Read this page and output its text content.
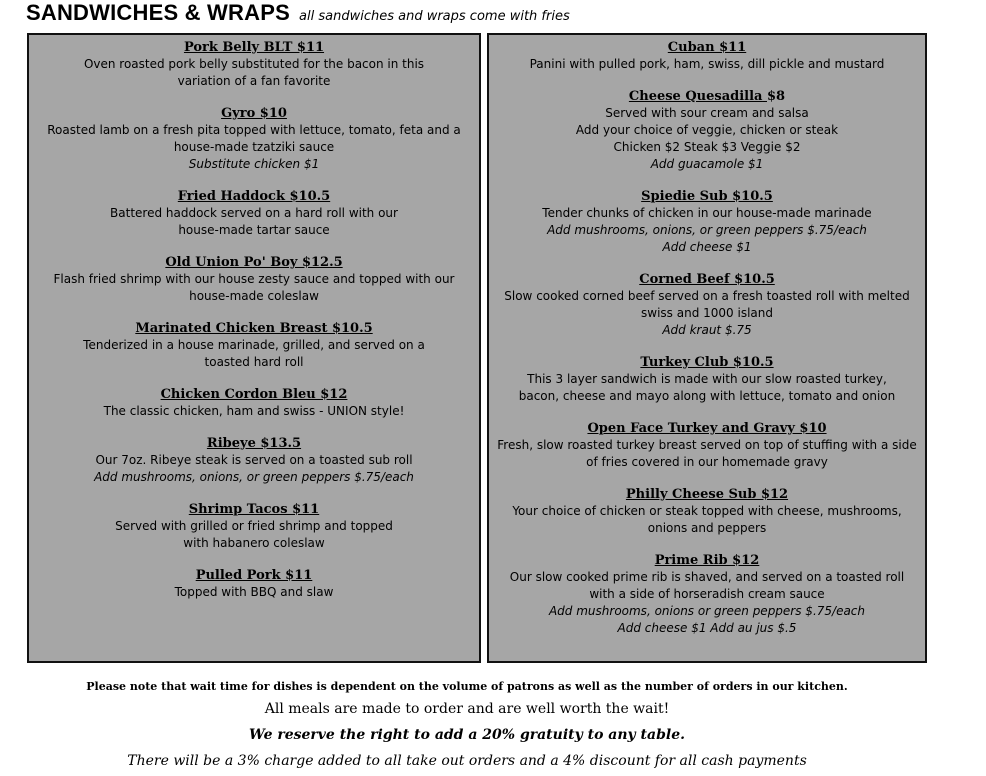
SANDWICHES & WRAPS all sandwiches and wraps come with fries
Pork Belly BLT $11
Oven roasted pork belly substituted for the bacon in this
variation of a fan favorite
Gyro $10
Roasted lamb on a fresh pita topped with lettuce, tomato, feta and a
house-made tzatziki sauce
Substitute chicken $1
Fried Haddock $10.5
Battered haddock served on a hard roll with our
house-made tartar sauce
Old Union Po' Boy $12.5
Flash fried shrimp with our house zesty sauce and topped with our
house-made coleslaw
Marinated Chicken Breast $10.5
Tenderized in a house marinade, grilled, and served on a
toasted hard roll
Chicken Cordon Bleu $12
The classic chicken, ham and swiss - UNION style!
Ribeye $13.5
Our 7oz. Ribeye steak is served on a toasted sub roll
Add mushrooms, onions, or green peppers $.75/each
Shrimp Tacos $11
Served with grilled or fried shrimp and topped
with habanero coleslaw
Pulled Pork $11
Topped with BBQ and slaw
Cuban $11
Panini with pulled pork, ham, swiss, dill pickle and mustard
Cheese Quesadilla $8
Served with sour cream and salsa
Add your choice of veggie, chicken or steak
Chicken $2 Steak $3 Veggie $2
Add guacamole $1
Spiedie Sub $10.5
Tender chunks of chicken in our house-made marinade
Add mushrooms, onions, or green peppers $.75/each
Add cheese $1
Corned Beef $10.5
Slow cooked corned beef served on a fresh toasted roll with melted
swiss and 1000 island
Add kraut $.75
Turkey Club $10.5
This 3 layer sandwich is made with our slow roasted turkey,
bacon, cheese and mayo along with lettuce, tomato and onion
Open Face Turkey and Gravy $10
Fresh, slow roasted turkey breast served on top of stuffing with a side
of fries covered in our homemade gravy
Philly Cheese Sub $12
Your choice of chicken or steak topped with cheese, mushrooms,
onions and peppers
Prime Rib $12
Our slow cooked prime rib is shaved, and served on a toasted roll
with a side of horseradish cream sauce
Add mushrooms, onions or green peppers $.75/each
Add cheese $1 Add au jus $.5
Please note that wait time for dishes is dependent on the volume of patrons as well as the number of orders in our kitchen.
All meals are made to order and are well worth the wait!
We reserve the right to add a 20% gratuity to any table.
There will be a 3% charge added to all take out orders and a 4% discount for all cash payments
